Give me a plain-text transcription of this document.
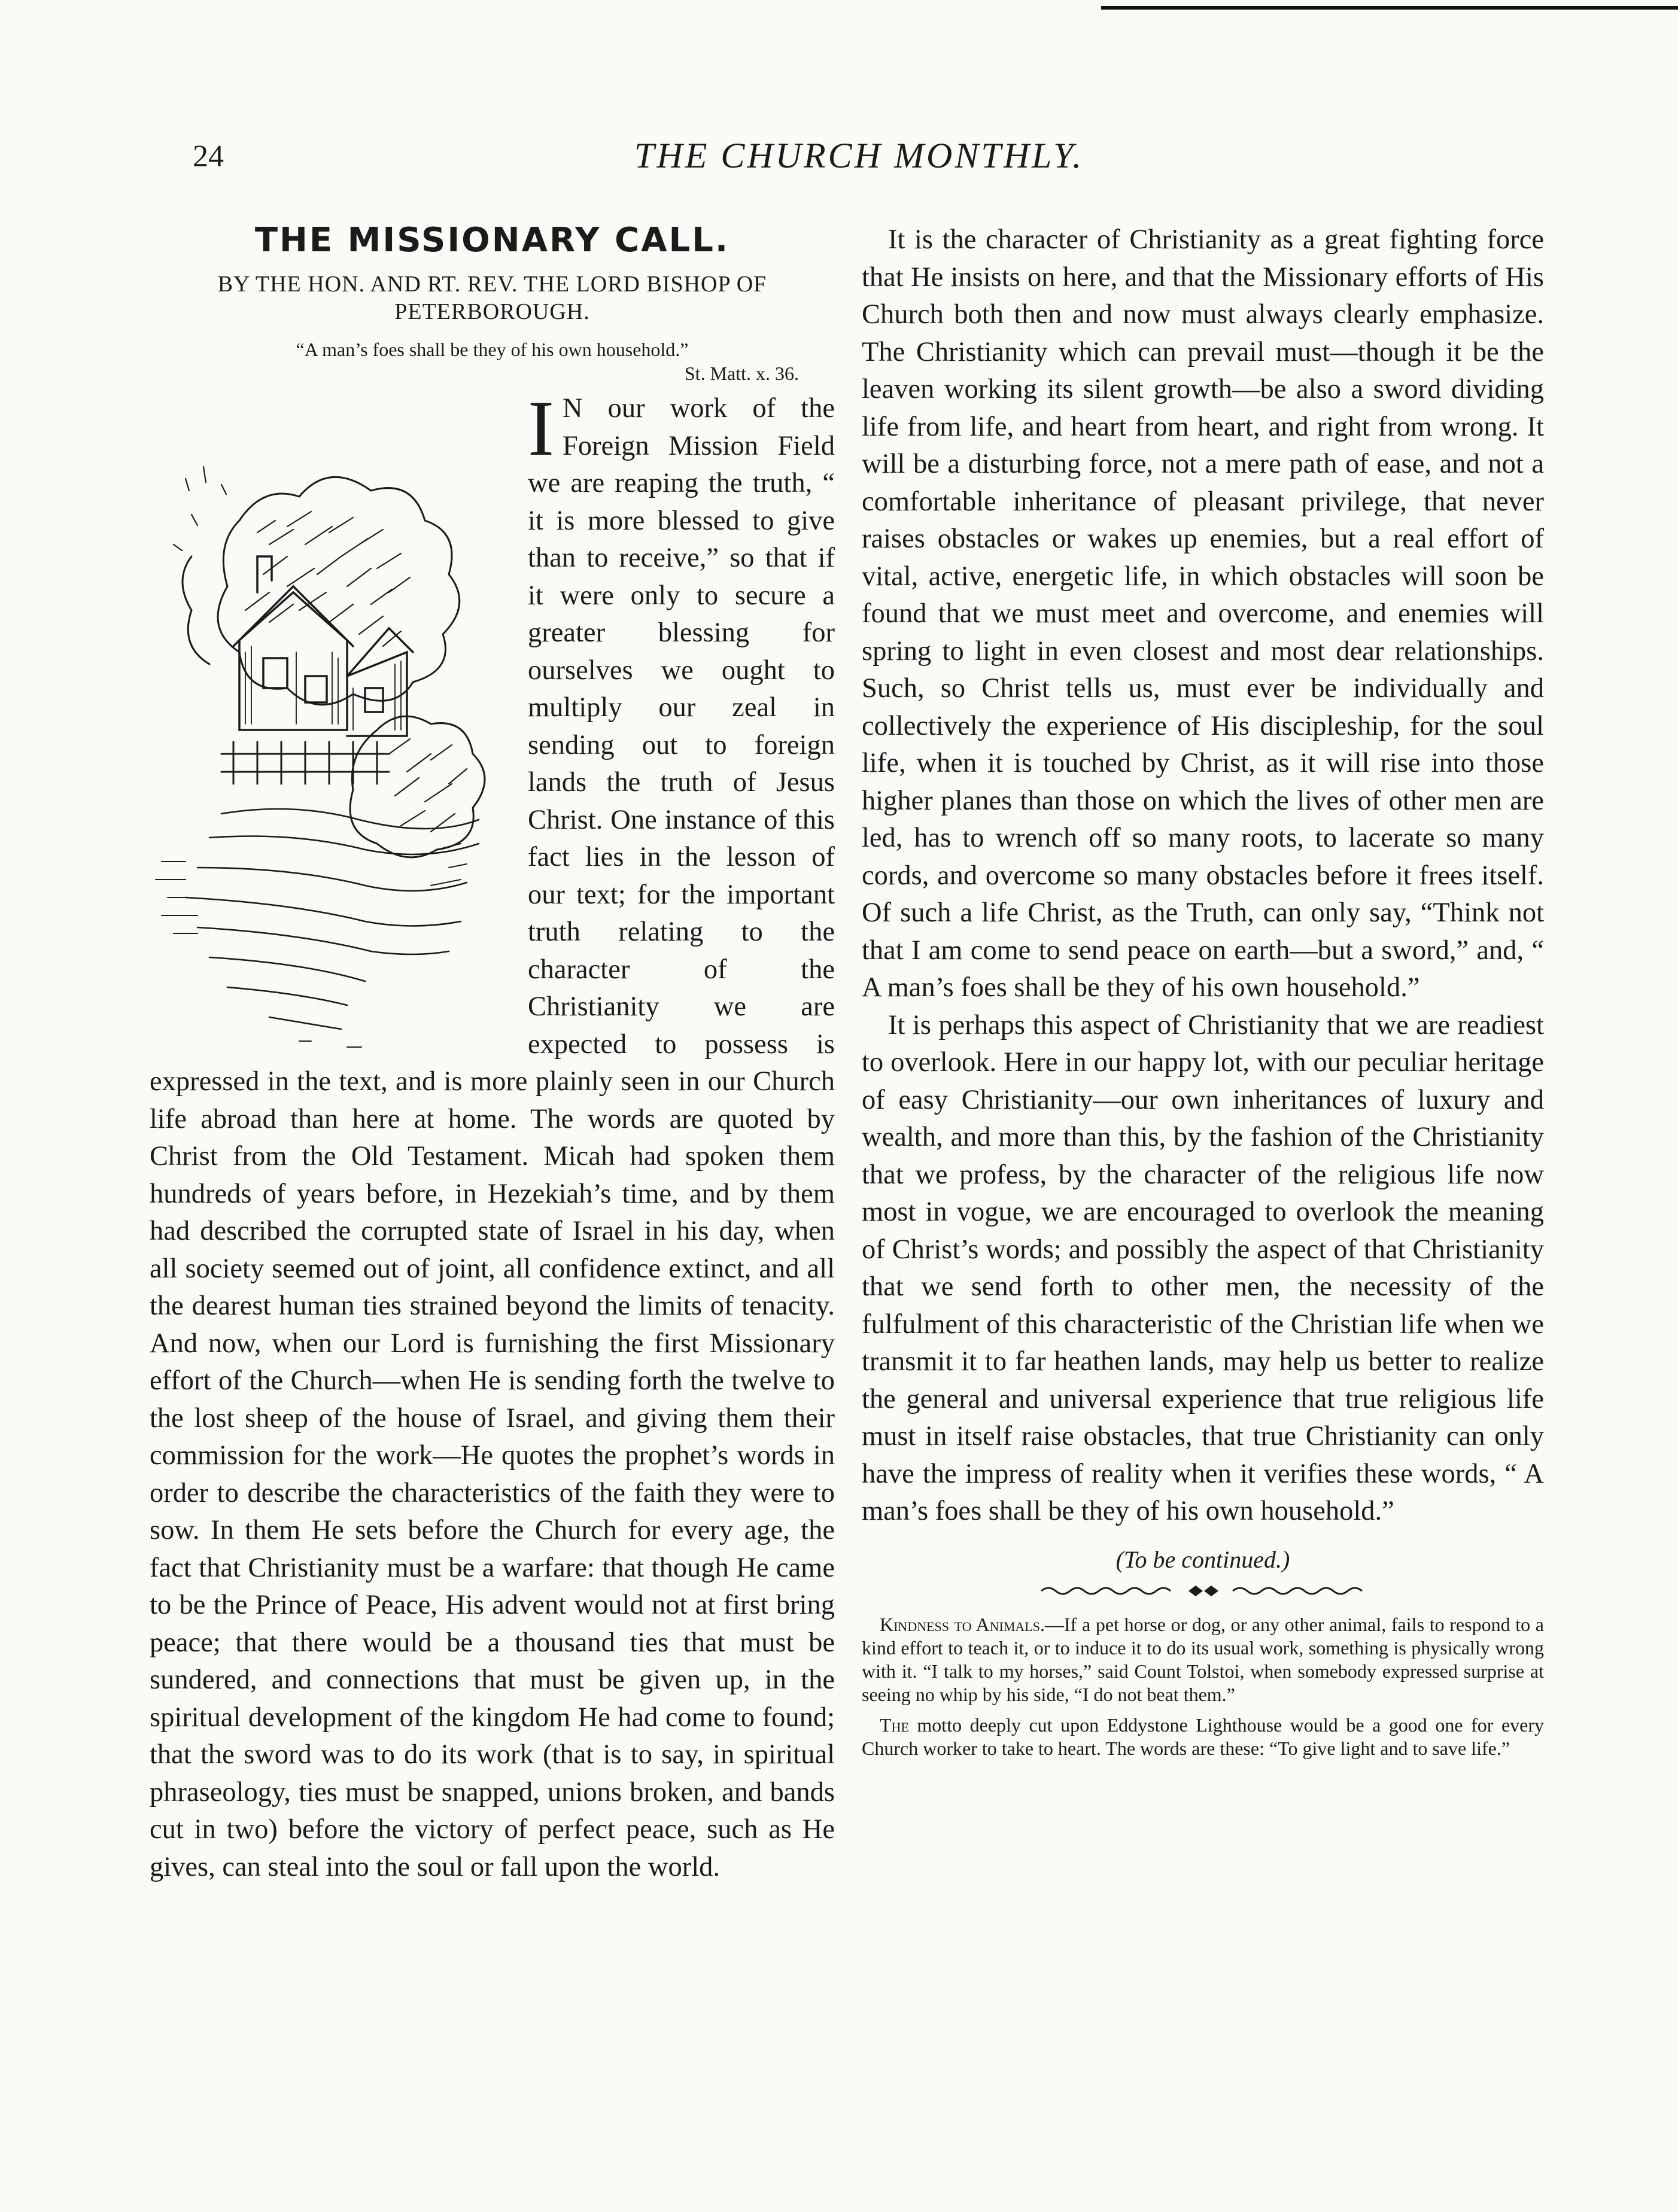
24	THE CHURCH MONTHLY.
THE MISSIONARY CALL.
BY THE HON. AND RT. REV. THE LORD BISHOP OF PETERBOROUGH.
“A man’s foes shall be they of his own household.”
St. Matt. x. 36.
I N our work of the Foreign Mission Field we are reaping the truth, “ it is more blessed to give than to receive,” so that if it were only to secure a greater blessing for ourselves we ought to multiply our zeal in sending out to foreign lands the truth of Jesus Christ. One instance of this fact lies in the lesson of our text; for the important truth relating to the character of the Christianity we are expected to possess is expressed in the text, and is more plainly seen in our Church life abroad than here at home. The words are quoted by Christ from the Old Testament. Micah had spoken them hundreds of years before, in Hezekiah’s time, and by them had described the corrupted state of Israel in his day, when all society seemed out of joint, all confidence extinct, and all the dearest human ties strained beyond the limits of tenacity. And now, when our Lord is furnishing the first Missionary effort of the Church—when He is sending forth the twelve to the lost sheep of the house of Israel, and giving them their commission for the work—He quotes the prophet’s words in order to describe the characteristics of the faith they were to sow. In them He sets before the Church for every age, the fact that Christianity must be a warfare: that though He came to be the Prince of Peace, His advent would not at first bring peace; that there would be a thousand ties that must be sundered, and connections that must be given up, in the spiritual development of the kingdom He had come to found; that the sword was to do its work (that is to say, in spiritual phraseology, ties must be snapped, unions broken, and bands cut in two) before the victory of perfect peace, such as He gives, can steal into the soul or fall upon the world.

It is the character of Christianity as a great fighting force that He insists on here, and that the Missionary efforts of His Church both then and now must always clearly emphasize. The Christianity which can prevail must—though it be the leaven working its silent growth—be also a sword dividing life from life, and heart from heart, and right from wrong. It will be a disturbing force, not a mere path of ease, and not a comfortable inheritance of pleasant privilege, that never raises obstacles or wakes up enemies, but a real effort of vital, active, energetic life, in which obstacles will soon be found that we must meet and overcome, and enemies will spring to light in even closest and most dear relationships. Such, so Christ tells us, must ever be individually and collectively the experience of His discipleship, for the soul life, when it is touched by Christ, as it will rise into those higher planes than those on which the lives of other men are led, has to wrench off so many roots, to lacerate so many cords, and overcome so many obstacles before it frees itself. Of such a life Christ, as the Truth, can only say, “Think not that I am come to send peace on earth—but a sword,” and, “ A man’s foes shall be they of his own household.”

It is perhaps this aspect of Christianity that we are readiest to overlook. Here in our happy lot, with our peculiar heritage of easy Christianity—our own inheritances of luxury and wealth, and more than this, by the fashion of the Christianity that we profess, by the character of the religious life now most in vogue, we are encouraged to overlook the meaning of Christ’s words; and possibly the aspect of that Christianity that we send forth to other men, the necessity of the fulfulment of this characteristic of the Christian life when we transmit it to far heathen lands, may help us better to realize the general and universal experience that true religious life must in itself raise obstacles, that true Christianity can only have the impress of reality when it verifies these words, “ A man’s foes shall be they of his own household.”

(To be continued.)

Kindness to Animals.—If a pet horse or dog, or any other animal, fails to respond to a kind effort to teach it, or to induce it to do its usual work, something is physically wrong with it. “I talk to my horses,” said Count Tolstoi, when somebody expressed surprise at seeing no whip by his side, “I do not beat them.”

The motto deeply cut upon Eddystone Lighthouse would be a good one for every Church worker to take to heart. The words are these: “To give light and to save life.”
